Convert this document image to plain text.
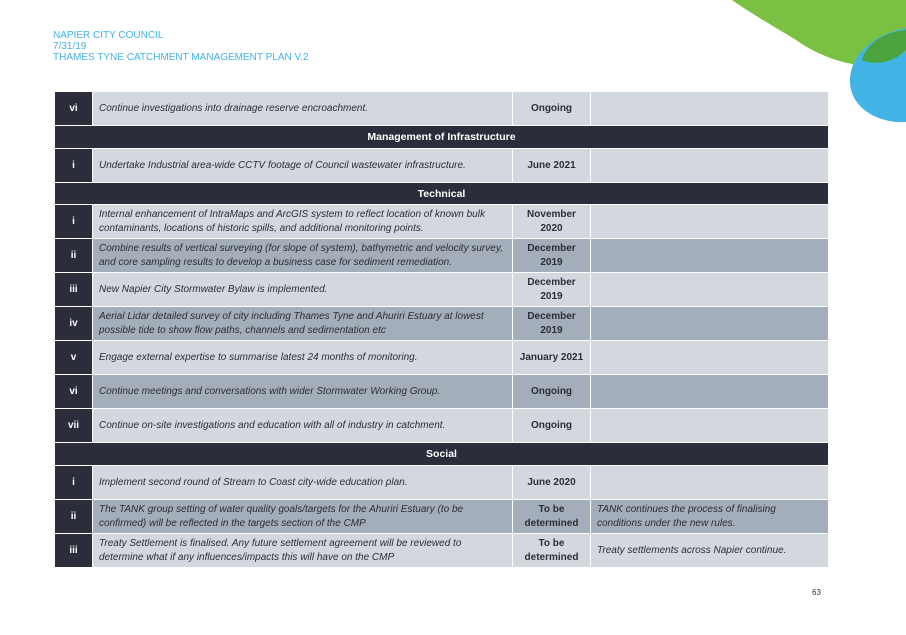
NAPIER CITY COUNCIL
7/31/19
THAMES TYNE CATCHMENT MANAGEMENT PLAN V.2
vi	Continue investigations into drainage reserve encroachment.	Ongoing	
Management of Infrastructure			
i	Undertake Industrial area-wide CCTV footage of Council wastewater infrastructure.	June 2021	
Technical			
i	Internal enhancement of IntraMaps and ArcGIS system to reflect location of known bulk contaminants, locations of historic spills, and additional monitoring points.	November 2020	
ii	Combine results of vertical surveying (for slope of system), bathymetric and velocity survey, and core sampling results to develop a business case for sediment remediation.	December 2019	
iii	New Napier City Stormwater Bylaw is implemented.	December 2019	
iv	Aerial Lidar detailed survey of city including Thames Tyne and Ahuriri Estuary at lowest possible tide to show flow paths, channels and sedimentation etc	December 2019	
v	Engage external expertise to summarise latest 24 months of monitoring.	January 2021	
vi	Continue meetings and conversations with wider Stormwater Working Group.	Ongoing	
vii	Continue on-site investigations and education with all of industry in catchment.	Ongoing	
Social			
i	Implement second round of Stream to Coast city-wide education plan.	June 2020	
ii	The TANK group setting of water quality goals/targets for the Ahuriri Estuary (to be confirmed) will be reflected in the targets section of the CMP	To be determined	TANK continues the process of finalising conditions under the new rules.
iii	Treaty Settlement is finalised. Any future settlement agreement will be reviewed to determine what if any influences/impacts this will have on the CMP	To be determined	Treaty settlements across Napier continue.
63
